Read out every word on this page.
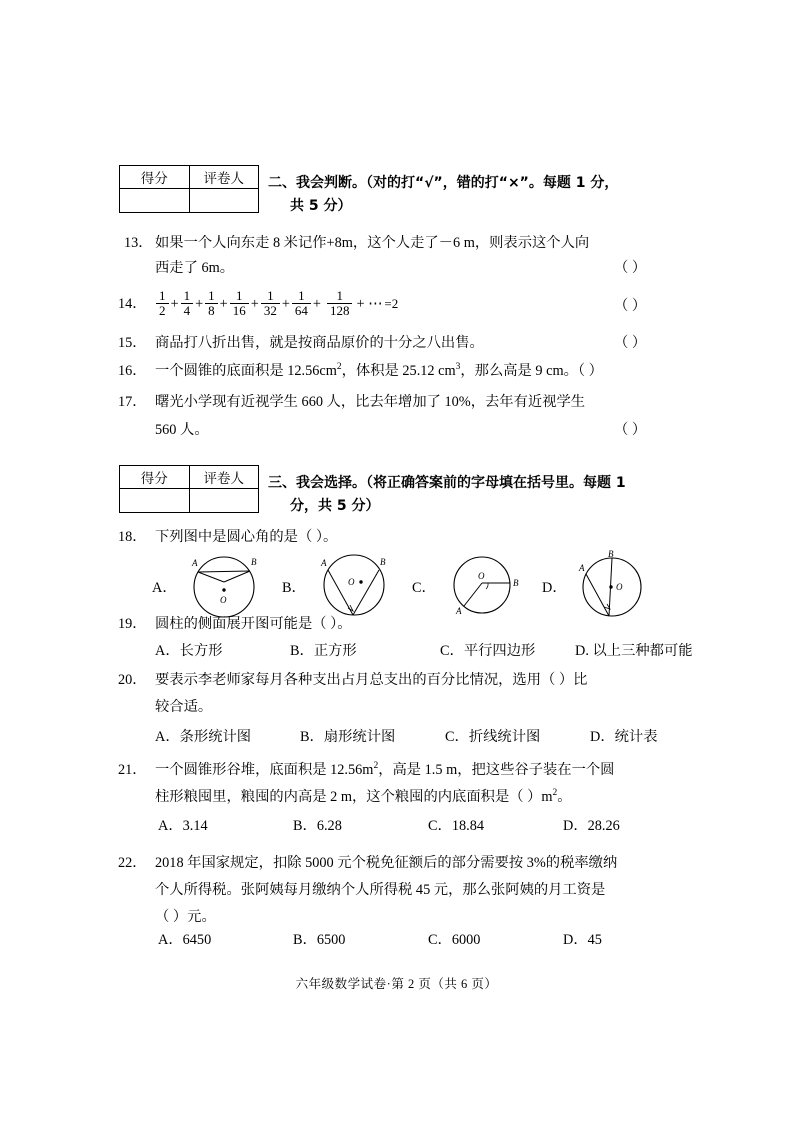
得分	评卷人
	二、我会判断。（对的打“√”，错的打“×”。每题 1 分，
共 5 分）
13． 如果一个人向东走 8 米记作+8m，这个人走了－6 m，则表示这个人向
西走了 6m。	（ ）
14． $\frac{1}{2} + \frac{1}{4} + \frac{1}{8} + \frac{1}{16} + \frac{1}{32} + \frac{1}{64} + \frac{1}{128}$ + ⋯ =2	（ ）
15． 商品打八折出售，就是按商品原价的十分之八出售。	（ ）
16． 一个圆锥的底面积是 $12.56cm^2$，体积是 25.12 $cm^3$，那么高是 9 cm。（ ）
17． 曙光小学现有近视学生 660 人，比去年增加了 10%，去年有近视学生
560 人。	（ ）
得分	评卷人
	三、我会选择。（将正确答案前的字母填在括号里。每题 1
分，共 5 分）
18． 下列图中是圆心角的是（ ）。
A．
A	B
O
B．
A	B
O	C．
O
B
A
D．
B
A
O
19． 圆柱的侧面展开图可能是（ ）。
A．长方形	B．正方形	C．平行四边形	D. 以上三种都可能
20． 要表示李老师家每月各种支出占月总支出的百分比情况，选用（ ）比
较合适。
A．条形统计图	B．扇形统计图	C．折线统计图	D．统计表
21． 一个圆锥形谷堆，底面积是 $12.56m^2$，高是 1.5 m，把这些谷子装在一个圆
柱形粮囤里，粮囤的内高是 2 m，这个粮囤的内底面积是（ ）$m^2$。
A．3.14	B．6.28	C．18.84	D．28.26
22． 2018 年国家规定，扣除 5000 元个税免征额后的部分需要按 3%的税率缴纳
个人所得税。张阿姨每月缴纳个人所得税 45 元，那么张阿姨的月工资是
（ ）元。
A．6450	B．6500	C．6000	D．45
六年级数学试卷·第 2 页（共 6 页）
